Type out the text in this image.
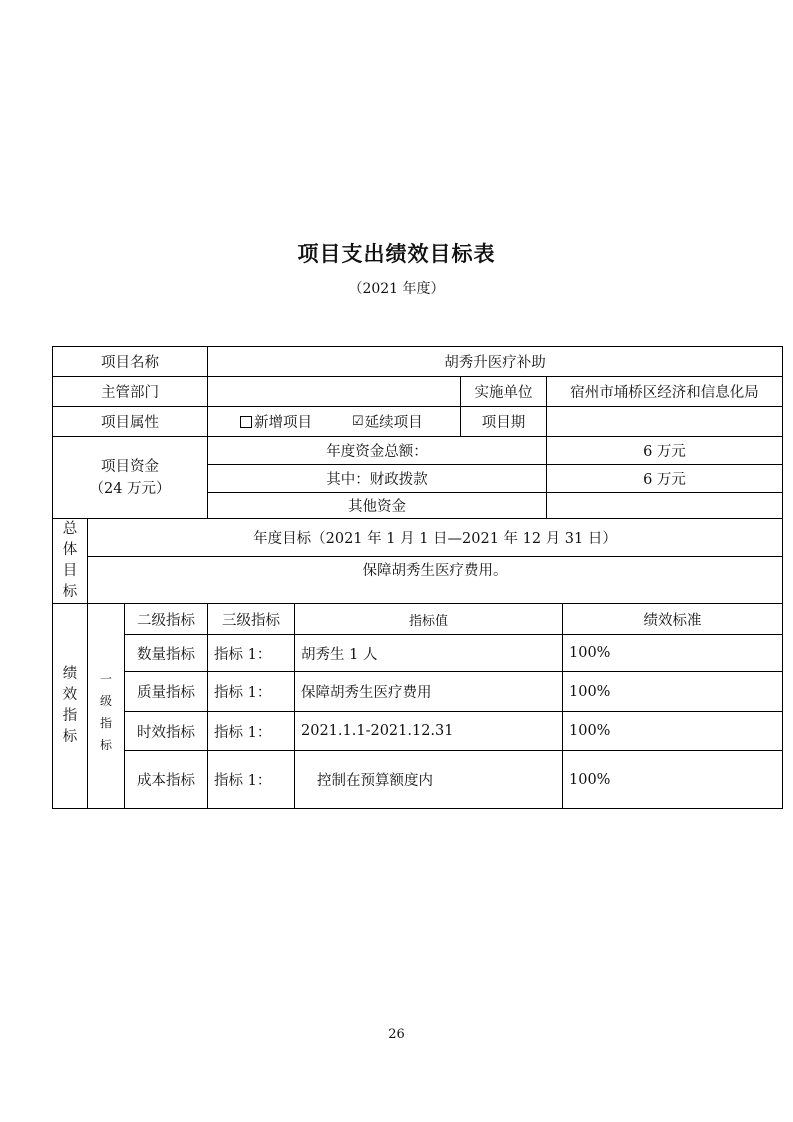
项目支出绩效目标表
（2021 年度）
项目名称	胡秀升医疗补助
主管部门	实施单位	宿州市埇桥区经济和信息化局
项目属性	新增项目	☑ 延续项目	项目期
项目资金
（24 万元）
年度资金总额：	6 万元
其中：财政拨款	6 万元
其他资金
总
体
目
标
年度目标（2021 年 1 月 1 日—2021 年 12 月 31 日）
保障胡秀生医疗费用。
绩
效
指
标
一
级
指
标
二级指标	三级指标	指标值	绩效标准
数量指标	指标 1：	胡秀生 1 人	100%
质量指标	指标 1：	保障胡秀生医疗费用	100%
时效指标	指标 1：	2021.1.1-2021.12.31	100%
成本指标	指标 1：	控制在预算额度内	100%
26
